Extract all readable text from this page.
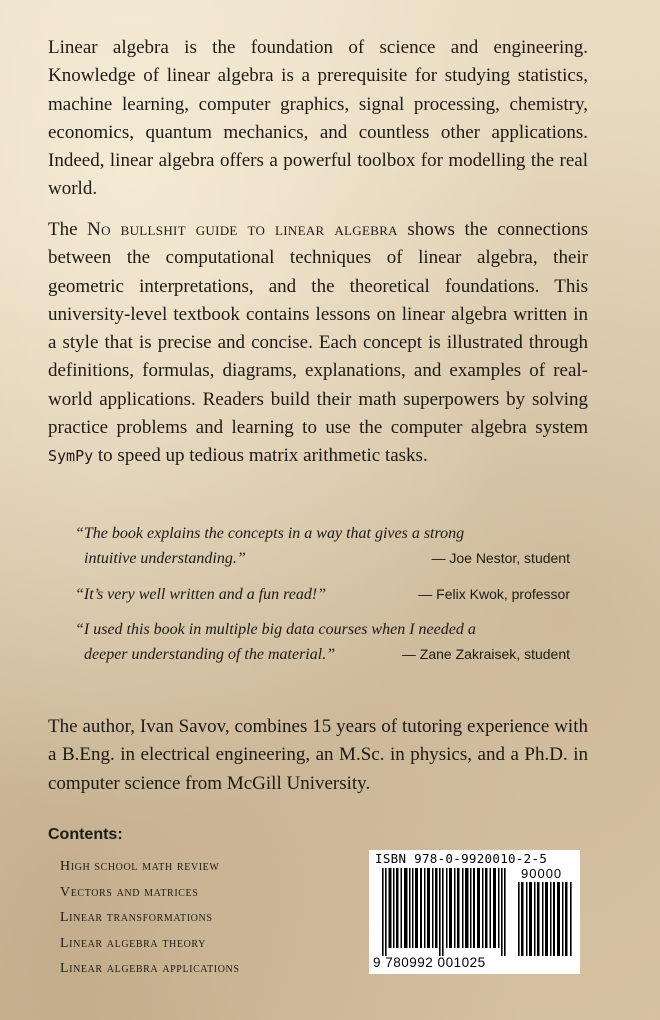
Linear algebra is the foundation of science and engineering. Knowledge of linear algebra is a prerequisite for studying statistics, machine learning, computer graphics, signal processing, chemistry, economics, quantum mechanics, and countless other applications. Indeed, linear algebra offers a powerful toolbox for modelling the real world.
The No bullshit guide to linear algebra shows the connections between the computational techniques of linear algebra, their geometric interpretations, and the theoretical foundations. This university-level textbook contains lessons on linear algebra written in a style that is precise and concise. Each concept is illustrated through definitions, formulas, diagrams, explanations, and examples of real-world applications. Readers build their math superpowers by solving practice problems and learning to use the computer algebra system SymPy to speed up tedious matrix arithmetic tasks.
“The book explains the concepts in a way that gives a strong
intuitive understanding.”	— Joe Nestor, student
“It’s very well written and a fun read!”	— Felix Kwok, professor
“I used this book in multiple big data courses when I needed a
deeper understanding of the material.”	— Zane Zakraisek, student
The author, Ivan Savov, combines 15 years of tutoring experience with a B.Eng. in electrical engineering, an M.Sc. in physics, and a Ph.D. in computer science from McGill University.
Contents:
High school math review
Vectors and matrices
Linear transformations
Linear algebra theory
Linear algebra applications
ISBN 978-0-9920010-2-5
90000
9 780992 001025
